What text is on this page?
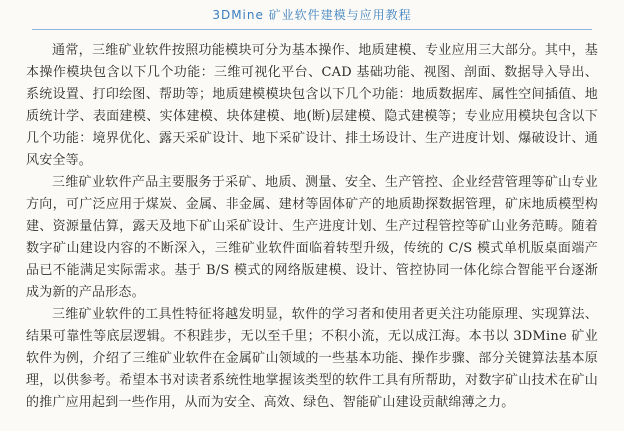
3DMine 矿业软件建模与应用教程

通常，三维矿业软件按照功能模块可分为基本操作、地质建模、专业应用三大部分。其中，基本操作模块包含以下几个功能：三维可视化平台、CAD 基础功能、视图、剖面、数据导入导出、系统设置、打印绘图、帮助等；地质建模模块包含以下几个功能：地质数据库、属性空间插值、地质统计学、表面建模、实体建模、块体建模、地(断)层建模、隐式建模等；专业应用模块包含以下几个功能：境界优化、露天采矿设计、地下采矿设计、排土场设计、生产进度计划、爆破设计、通风安全等。

三维矿业软件产品主要服务于采矿、地质、测量、安全、生产管控、企业经营管理等矿山专业方向，可广泛应用于煤炭、金属、非金属、建材等固体矿产的地质勘探数据管理，矿床地质模型构建、资源量估算，露天及地下矿山采矿设计、生产进度计划、生产过程管控等矿山业务范畴。随着数字矿山建设内容的不断深入，三维矿业软件面临着转型升级，传统的 C/S 模式单机版桌面端产品已不能满足实际需求。基于 B/S 模式的网络版建模、设计、管控协同一体化综合智能平台逐渐成为新的产品形态。

三维矿业软件的工具性特征将越发明显，软件的学习者和使用者更关注功能原理、实现算法、结果可靠性等底层逻辑。不积跬步，无以至千里；不积小流，无以成江海。本书以 3DMine 矿业软件为例，介绍了三维矿业软件在金属矿山领域的一些基本功能、操作步骤、部分关键算法基本原理，以供参考。希望本书对读者系统性地掌握该类型的软件工具有所帮助，对数字矿山技术在矿山的推广应用起到一些作用，从而为安全、高效、绿色、智能矿山建设贡献绵薄之力。
